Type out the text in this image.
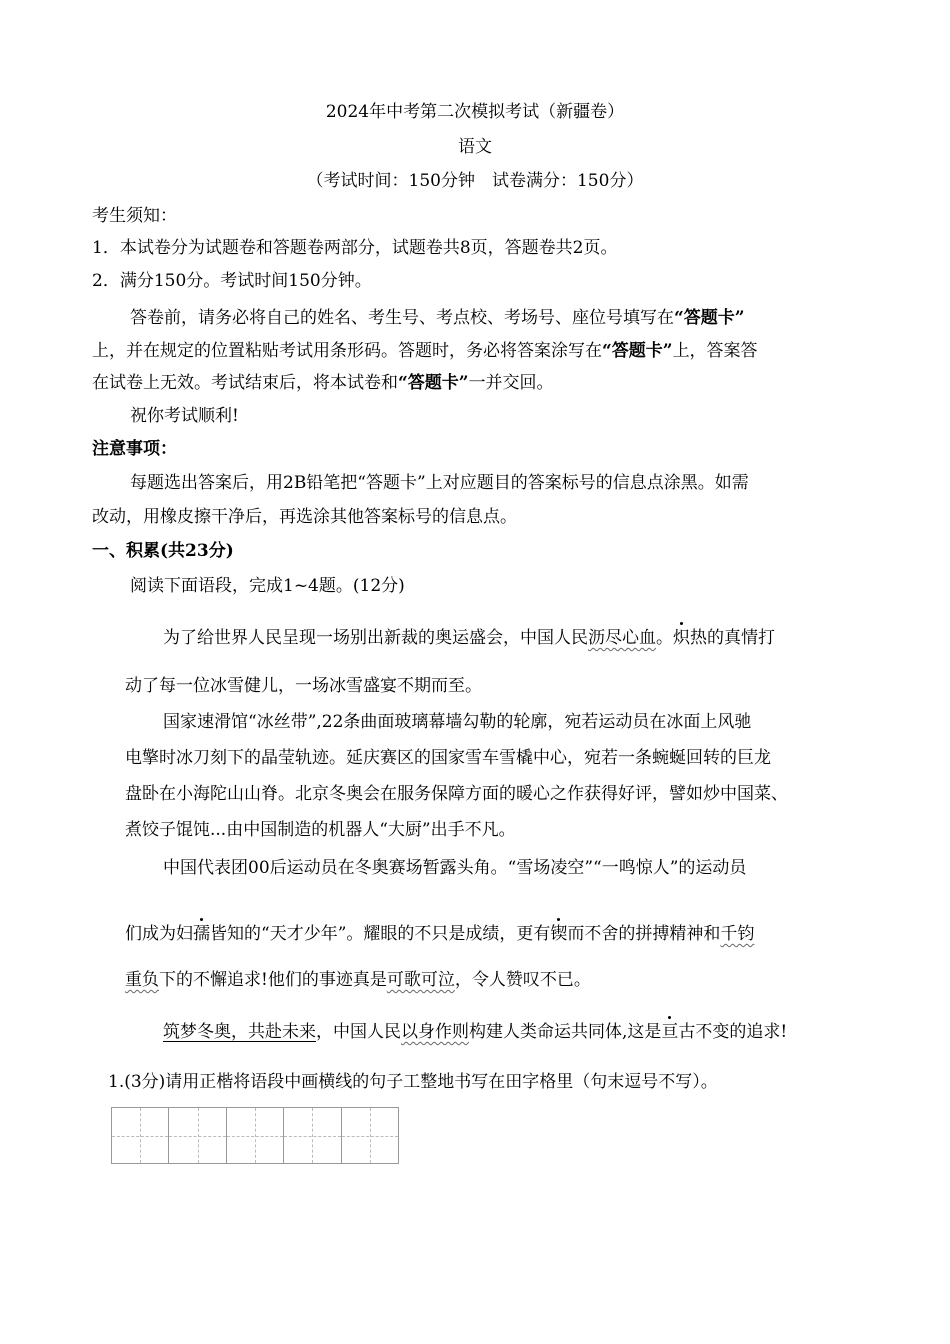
2024年中考第二次模拟考试（新疆卷）
语文
（考试时间：150分钟　试卷满分：150分）
考生须知：
1．本试卷分为试题卷和答题卷两部分，试题卷共8页，答题卷共2页。
2．满分150分。考试时间150分钟。
答卷前，请务必将自己的姓名、考生号、考点校、考场号、座位号填写在“答题卡”
上，并在规定的位置粘贴考试用条形码。答题时，务必将答案涂写在“答题卡”上，答案答
在试卷上无效。考试结束后，将本试卷和“答题卡”一并交回。
祝你考试顺利!
注意事项：
每题选出答案后，用2B铅笔把“答题卡”上对应题目的答案标号的信息点涂黑。如需
改动，用橡皮擦干净后，再选涂其他答案标号的信息点。
一、积累(共23分)
阅读下面语段，完成1~4题。(12分)
为了给世界人民呈现一场别出新裁的奥运盛会，中国人民沥尽心血。炽热的真情打
动了每一位冰雪健儿，一场冰雪盛宴不期而至。
国家速滑馆“冰丝带”,22条曲面玻璃幕墙勾勒的轮廓，宛若运动员在冰面上风驰
电擎时冰刀刻下的晶莹轨迹。延庆赛区的国家雪车雪橇中心，宛若一条蜿蜒回转的巨龙
盘卧在小海陀山山脊。北京冬奥会在服务保障方面的暖心之作获得好评，譬如炒中国菜、
煮饺子馄饨...由中国制造的机器人“大厨”出手不凡。
中国代表团00后运动员在冬奥赛场暂露头角。“雪场凌空”“一鸣惊人”的运动员
们成为妇孺皆知的“天才少年”。耀眼的不只是成绩，更有锲而不舍的拼搏精神和千钧
重负下的不懈追求!他们的事迹真是可歌可泣，令人赞叹不已。
筑梦冬奥，共赴未来，中国人民以身作则构建人类命运共同体,这是亘古不变的追求!
1.(3分)请用正楷将语段中画横线的句子工整地书写在田字格里（句末逗号不写）。
